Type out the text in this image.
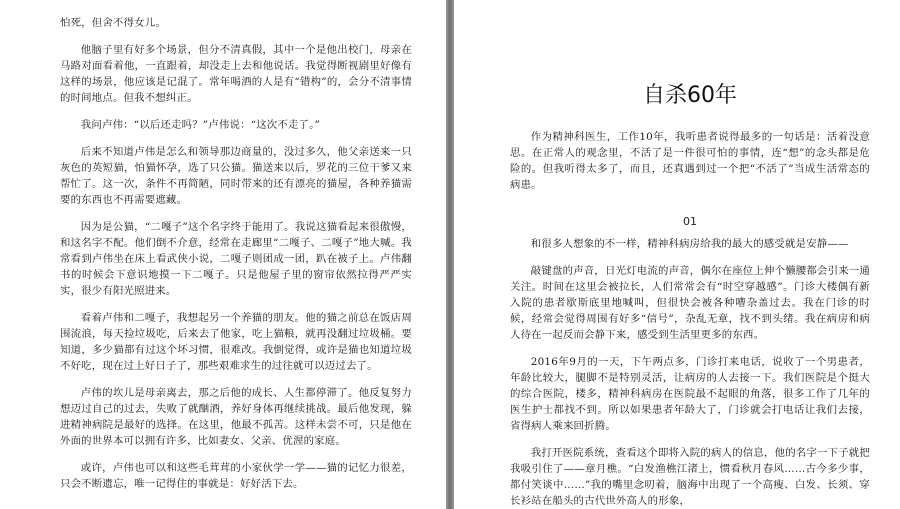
怕死，但舍不得女儿。

他脑子里有好多个场景，但分不清真假，其中一个是他出校门，母亲在马路对面看着他，一直跟着，却没走上去和他说话。我觉得断视剧里好像有这样的场景，他应该是记混了。常年喝酒的人是有“错构”的，会分不清事情的时间地点。但我不想纠正。

我问卢伟：“以后还走吗？”卢伟说：“这次不走了。”

后来不知道卢伟是怎么和领导那边商量的，没过多久，他父亲送来一只灰色的英短猫，怕猫怀孕，选了只公猫。猫送来以后，罗花的三位干爹又来帮忙了。这一次，条件不再简陋，同时带来的还有漂亮的猫屋，各种养猫需要的东西也不再需要遮藏。

因为是公猫，“二嘎子”这个名字终于能用了。我说这猫看起来很傲慢，和这名字不配。他们倒不介意，经常在走廊里“二嘎子、二嘎子”地大喊。我常看到卢伟坐在床上看武侠小说，二嘎子则团成一团，趴在被子上。卢伟翻书的时候会下意识地摸一下二嘎子。只是他屋子里的窗帘依然拉得严严实实，很少有阳光照进来。

看着卢伟和二嘎子，我想起另一个养猫的朋友。他的猫之前总在饭店周围流浪，每天捡垃圾吃，后来去了他家，吃上猫粮，就再没翻过垃圾桶。要知道，多少猫都有过这个坏习惯，很难改。我倒觉得，或许是猫也知道垃圾不好吃，现在过上好日子了，那些艰难求生的过往就可以迈过去了。

卢伟的坎儿是母亲离去，那之后他的成长、人生都停滞了。他反复努力想迈过自己的过去，失败了就酗酒，养好身体再继续挑战。最后他发现，躲进精神病院是最好的选择。在这里，他最不孤苦。这样未尝不可，只是他在外面的世界本可以拥有许多，比如妻女、父亲、优渥的家庭。

或许，卢伟也可以和这些毛茸茸的小家伙学一学——猫的记忆力很差，只会不断遗忘，唯一记得住的事就是：好好活下去。

自杀60年

作为精神科医生，工作10年，我听患者说得最多的一句话是：活着没意思。在正常人的观念里，不活了是一件很可怕的事情，连“想”的念头都是危险的。但我听得太多了，而且，还真遇到过一个把“不活了”当成生活常态的病患。

01

和很多人想象的不一样，精神科病房给我的最大的感受就是安静——

敲键盘的声音，日光灯电流的声音，偶尔在座位上伸个懒腰都会引来一通关注。时间在这里会被拉长，人们常常会有“时空穿越感”。门诊大楼偶有新入院的患者歇斯底里地喊叫，但很快会被各种嘈杂盖过去。我在门诊的时候，经常会觉得周围有好多“信号”，杂乱无章，找不到头绪。我在病房和病人待在一起反而会静下来，感受到生活里更多的东西。

2016年9月的一天，下午两点多，门诊打来电话，说收了一个男患者，年龄比较大，腿脚不是特别灵活，让病房的人去接一下。我们医院是个挺大的综合医院，楼多，精神科病房在医院最不起眼的角落，很多工作了几年的医生护士都找不到。所以如果患者年龄大了，门诊就会打电话让我们去接，省得病人乘来回折腾。

我打开医院系统，查看这个即将入院的病人的信息，他的名字一下子就把我吸引住了——章月樵。“白发渔樵江渚上，惯看秋月春风……古今多少事，都付笑谈中……”我的嘴里念叨着，脑海中出现了一个高瘦、白发、长须、穿长衫站在船头的古代世外高人的形象，
